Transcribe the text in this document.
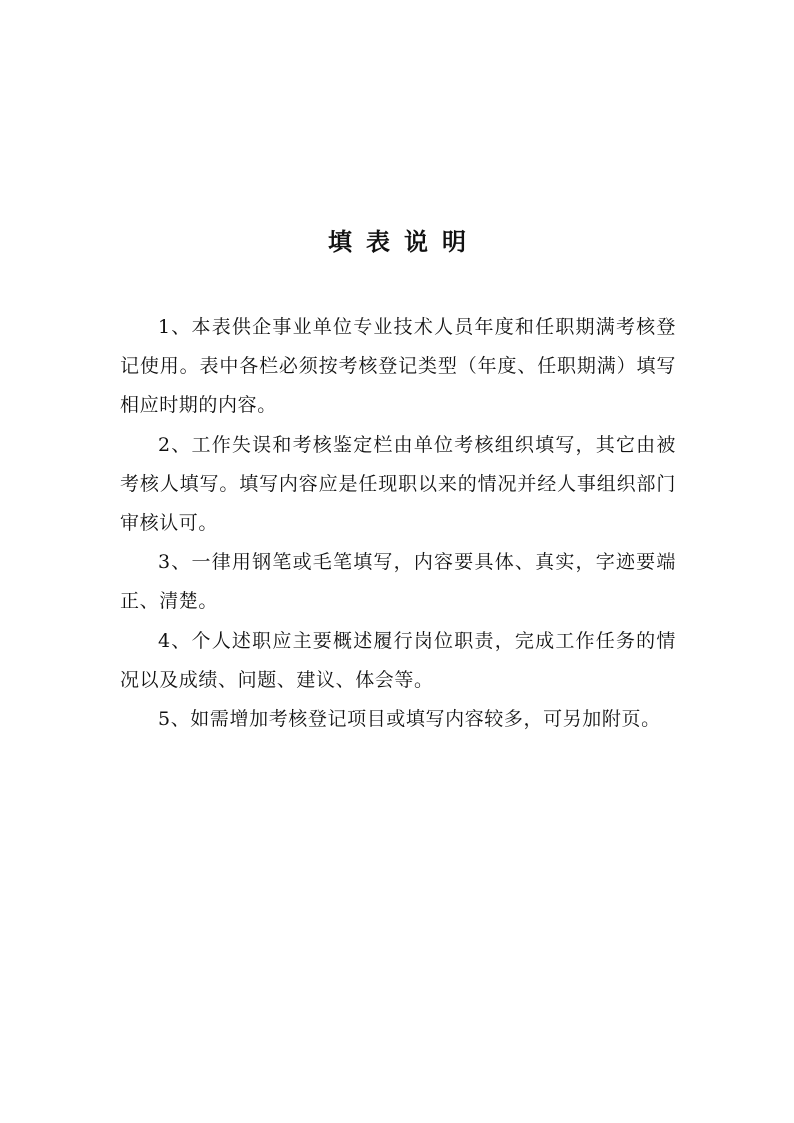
填表说明

1、本表供企事业单位专业技术人员年度和任职期满考核登记使用。表中各栏必须按考核登记类型（年度、任职期满）填写相应时期的内容。

2、工作失误和考核鉴定栏由单位考核组织填写，其它由被考核人填写。填写内容应是任现职以来的情况并经人事组织部门审核认可。

3、一律用钢笔或毛笔填写，内容要具体、真实，字迹要端正、清楚。

4、个人述职应主要概述履行岗位职责，完成工作任务的情况以及成绩、问题、建议、体会等。

5、如需增加考核登记项目或填写内容较多，可另加附页。
